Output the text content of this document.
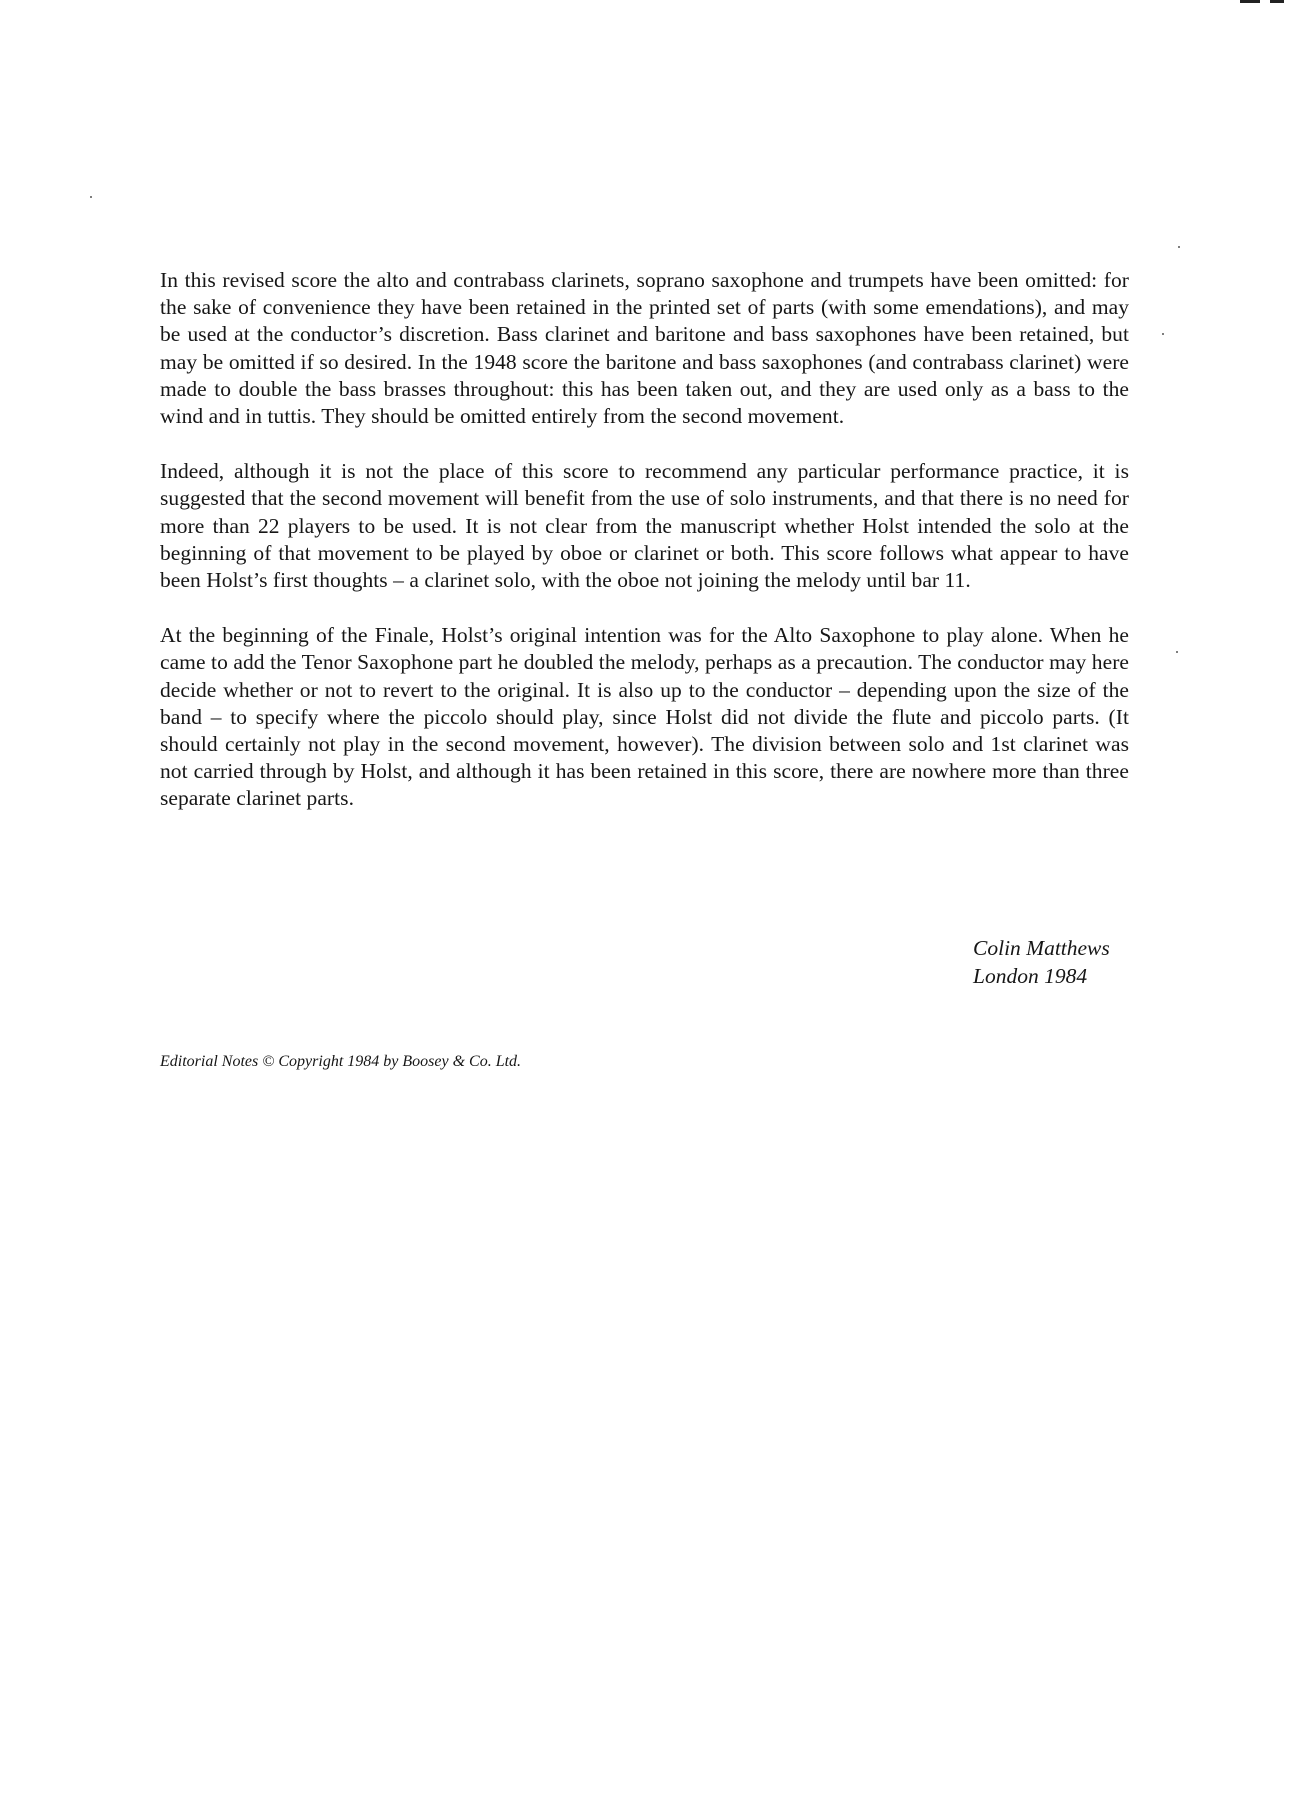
In this revised score the alto and contrabass clarinets, soprano saxophone and trumpets have been omitted: for the sake of convenience they have been retained in the printed set of parts (with some emendations), and may be used at the conductor’s discretion. Bass clarinet and baritone and bass saxophones have been retained, but may be omitted if so desired. In the 1948 score the baritone and bass saxophones (and contrabass clarinet) were made to double the bass brasses throughout: this has been taken out, and they are used only as a bass to the wind and in tuttis. They should be omitted entirely from the second movement.

Indeed, although it is not the place of this score to recommend any particular performance practice, it is suggested that the second movement will benefit from the use of solo instruments, and that there is no need for more than 22 players to be used. It is not clear from the manuscript whether Holst intended the solo at the beginning of that movement to be played by oboe or clarinet or both. This score follows what appear to have been Holst’s first thoughts – a clarinet solo, with the oboe not joining the melody until bar 11.

At the beginning of the Finale, Holst’s original intention was for the Alto Saxophone to play alone. When he came to add the Tenor Saxophone part he doubled the melody, perhaps as a precaution. The conductor may here decide whether or not to revert to the original. It is also up to the conductor – depending upon the size of the band – to specify where the piccolo should play, since Holst did not divide the flute and piccolo parts. (It should certainly not play in the second movement, however). The division between solo and 1st clarinet was not carried through by Holst, and although it has been retained in this score, there are nowhere more than three separate clarinet parts.

Colin Matthews
London 1984
Editorial Notes © Copyright 1984 by Boosey & Co. Ltd.
